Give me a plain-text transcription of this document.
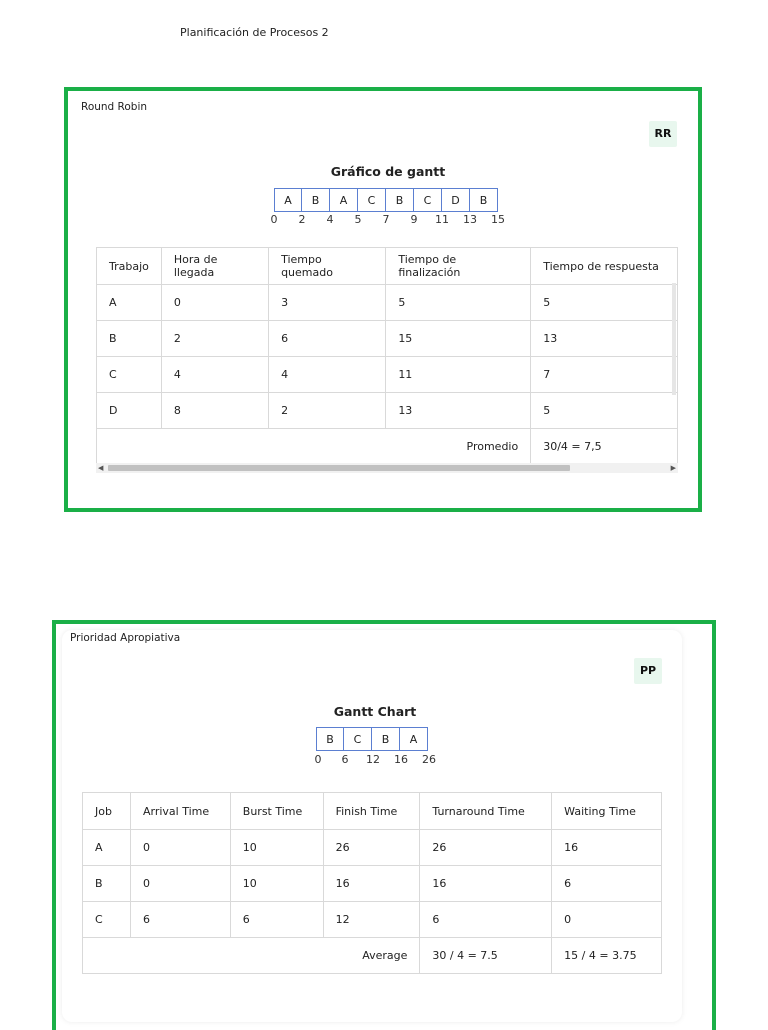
Planificación de Procesos 2
Round Robin
RR
Gráfico de gantt
A	B	A	C	B	C	D	B
0 2 4 5 7 9 11 13 15
Trabajo	Hora de llegada	Tiempo quemado	Tiempo de finalización	Tiempo de respuesta
A	0	3	5	5
B	2	6	15	13
C	4	4	11	7
D	8	2	13	5
Promedio				30/4 = 7,5
◀	▶
Prioridad Apropiativa
PP
Gantt Chart
B	C	B	A
0 6 12 16 26
Job	Arrival Time	Burst Time	Finish Time	Turnaround Time	Waiting Time
A	0	10	26	26	16
B	0	10	16	16	6
C	6	6	12	6	0
Average				30 / 4 = 7.5	15 / 4 = 3.75
